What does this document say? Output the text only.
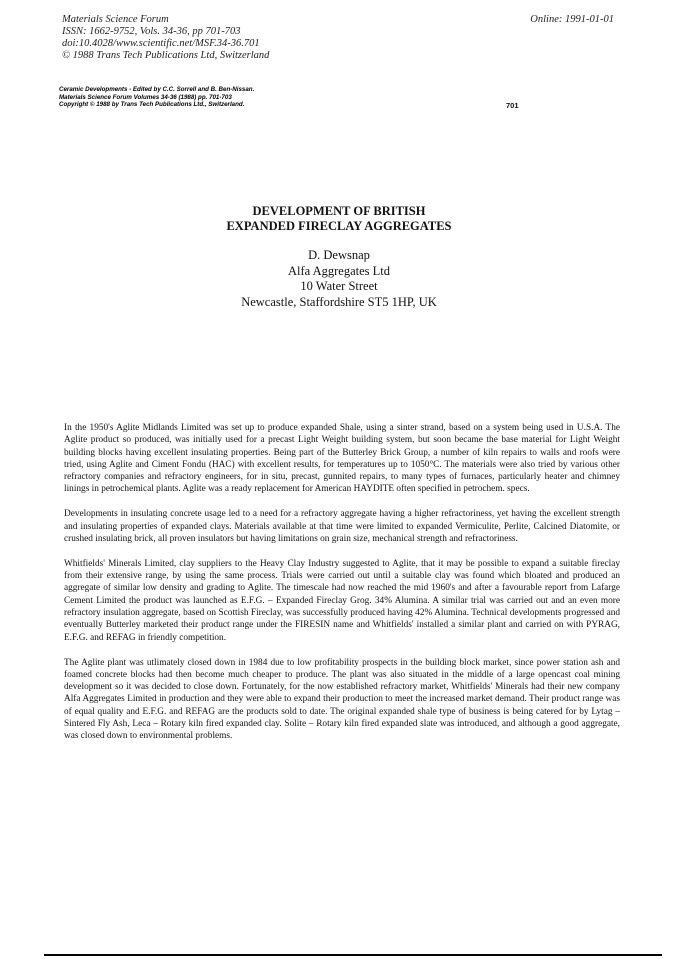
Materials Science Forum
ISSN: 1662-9752, Vols. 34-36, pp 701-703
doi:10.4028/www.scientific.net/MSF.34-36.701
© 1988 Trans Tech Publications Ltd, Switzerland
Online: 1991-01-01
Ceramic Developments - Edited by C.C. Sorrell and B. Ben-Nissan.
Materials Science Forum Volumes 34-36 (1988) pp. 701-703
Copyright © 1988 by Trans Tech Publications Ltd., Switzerland.	701
DEVELOPMENT OF BRITISH
EXPANDED FIRECLAY AGGREGATES
D. Dewsnap
Alfa Aggregates Ltd
10 Water Street
Newcastle, Staffordshire ST5 1HP, UK

In the 1950's Aglite Midlands Limited was set up to produce expanded Shale, using a sinter strand, based on a system being used in U.S.A. The Aglite product so produced, was initially used for a precast Light Weight building system, but soon became the base material for Light Weight building blocks having excellent insulating properties. Being part of the Butterley Brick Group, a number of kiln repairs to walls and roofs were tried, using Aglite and Ciment Fondu (HAC) with excellent results, for temperatures up to 1050°C. The materials were also tried by various other refractory companies and refractory engineers, for in situ, precast, gunnited repairs, to many types of furnaces, particularly heater and chimney linings in petrochemical plants. Aglite was a ready replacement for American HAYDITE often specified in petrochem. specs.

Developments in insulating concrete usage led to a need for a refractory aggregate having a higher refractoriness, yet having the excellent strength and insulating properties of expanded clays. Materials available at that time were limited to expanded Vermiculite, Perlite, Calcined Diatomite, or crushed insulating brick, all proven insulators but having limitations on grain size, mechanical strength and refractoriness.

Whitfields' Minerals Limited, clay suppliers to the Heavy Clay Industry suggested to Aglite, that it may be possible to expand a suitable fireclay from their extensive range, by using the same process. Trials were carried out until a suitable clay was found which bloated and produced an aggregate of similar low density and grading to Aglite. The timescale had now reached the mid 1960's and after a favourable report from Lafarge Cement Limited the product was launched as E.F.G. – Expanded Fireclay Grog. 34% Alumina. A similar trial was carried out and an even more refractory insulation aggregate, based on Scottish Fireclay, was successfully produced having 42% Alumina. Technical developments progressed and eventually Butterley marketed their product range under the FIRESIN name and Whitfields' installed a similar plant and carried on with PYRAG, E.F.G. and REFAG in friendly competition.

The Aglite plant was utlimately closed down in 1984 due to low profitability prospects in the building block market, since power station ash and foamed concrete blocks had then become much cheaper to produce. The plant was also situated in the middle of a large opencast coal mining development so it was decided to close down. Fortunately, for the now established refractory market, Whitfields' Minerals had their new company Alfa Aggregates Limited in production and they were able to expand their production to meet the increased market demand. Their product range was of equal quality and E.F.G. and REFAG are the products sold to date. The original expanded shale type of business is being catered for by Lytag – Sintered Fly Ash, Leca – Rotary kiln fired expanded clay. Solite – Rotary kiln fired expanded slate was introduced, and although a good aggregate, was closed down to environmental problems.
